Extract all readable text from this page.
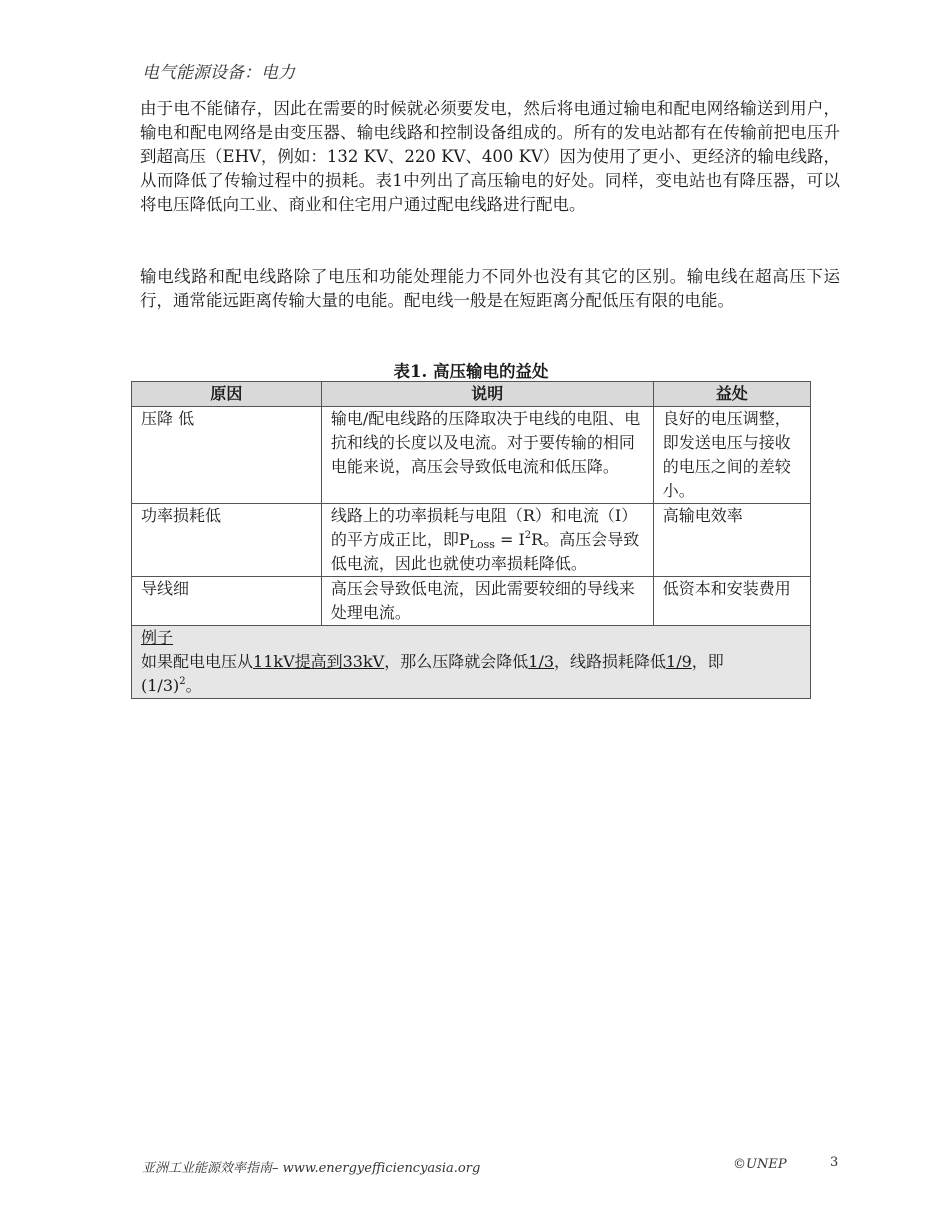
电气能源设备：电力

由于电不能储存，因此在需要的时候就必须要发电，然后将电通过输电和配电网络输送到用户，输电和配电网络是由变压器、输电线路和控制设备组成的。所有的发电站都有在传输前把电压升到超高压（EHV，例如：132 KV、220 KV、400 KV）因为使用了更小、更经济的输电线路，从而降低了传输过程中的损耗。表1中列出了高压输电的好处。同样，变电站也有降压器，可以将电压降低向工业、商业和住宅用户通过配电线路进行配电。

输电线路和配电线路除了电压和功能处理能力不同外也没有其它的区别。输电线在超高压下运行，通常能远距离传输大量的电能。配电线一般是在短距离分配低压有限的电能。

表1. 高压输电的益处
原因	说明	益处
压降 低	输电/配电线路的压降取决于电线的电阻、电抗和线的长度以及电流。对于要传输的相同电能来说，高压会导致低电流和低压降。	良好的电压调整，即发送电压与接收的电压之间的差较小。
功率损耗低	线路上的功率损耗与电阻（R）和电流（I）的平方成正比，即$P_{Loss} = I^2R$。高压会导致低电流，因此也就使功率损耗降低。	高输电效率
导线细	高压会导致低电流，因此需要较细的导线来处理电流。	低资本和安装费用

例子
如果配电电压从11kV提高到33kV，那么压降就会降低1/3，线路损耗降低1/9，即
$(1/3)^2$。		
亚洲工业能源效率指南– www.energyefficiencyasia.org	©UNEP	3
